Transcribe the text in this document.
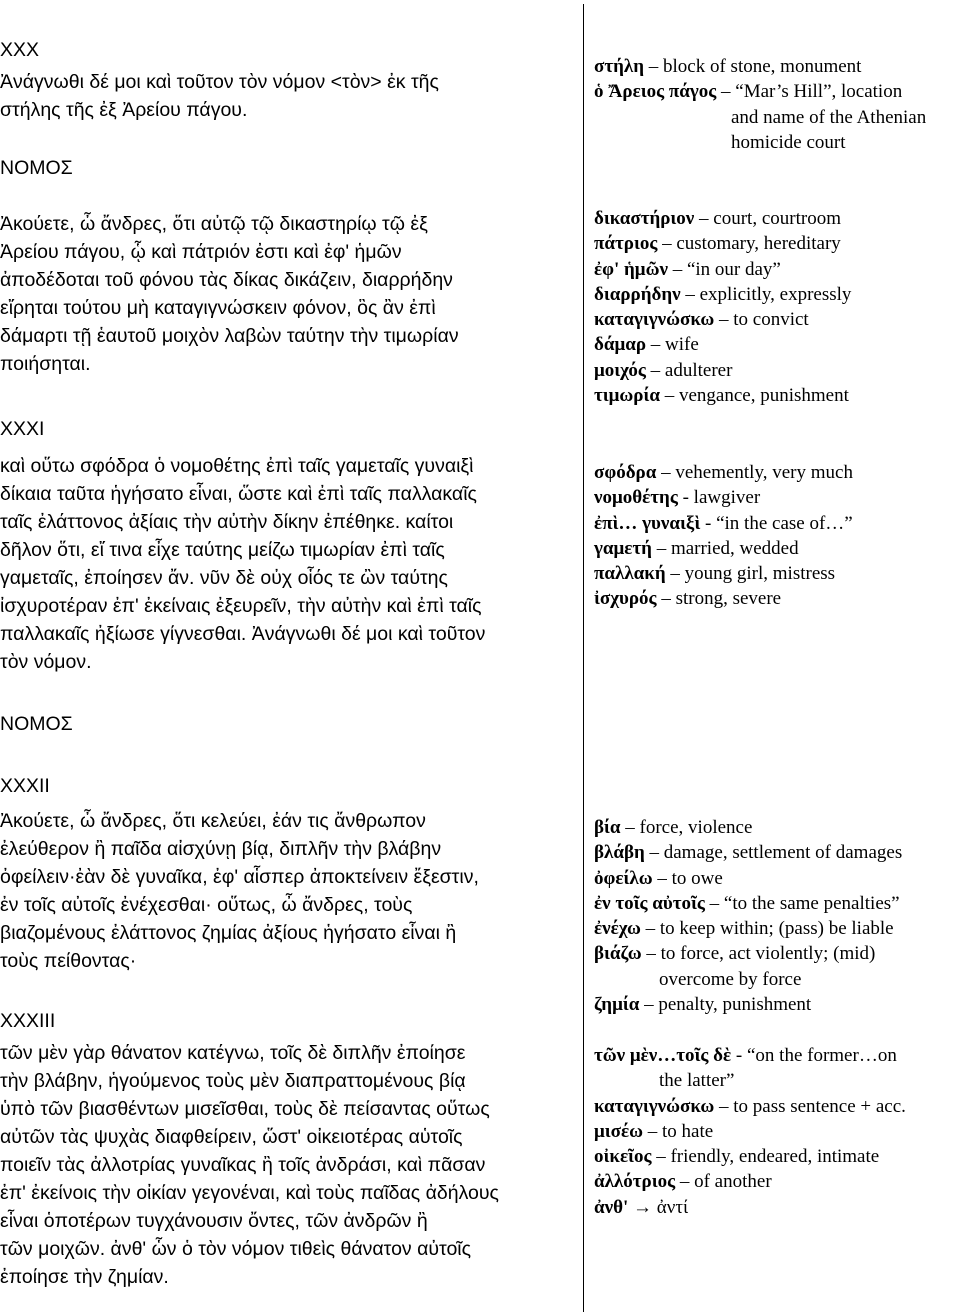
XXX
Ἀνάγνωθι δέ μοι καὶ τοῦτον τὸν νόμον <τὸν> ἐκ τῆς
στήλης τῆς ἐξ Ἀρείου πάγου.
ΝΟΜΟΣ
Ἀκούετε, ὦ ἄνδρες, ὅτι αὐτῷ τῷ δικαστηρίῳ τῷ ἐξ
Ἀρείου πάγου, ᾧ καὶ πάτριόν ἐστι καὶ ἐφ' ἡμῶν
ἀποδέδοται τοῦ φόνου τὰς δίκας δικάζειν, διαρρήδην
εἴρηται τούτου μὴ καταγιγνώσκειν φόνον, ὃς ἂν ἐπὶ
δάμαρτι τῇ ἑαυτοῦ μοιχὸν λαβὼν ταύτην τὴν τιμωρίαν
ποιήσηται.
XXXI
καὶ οὕτω σφόδρα ὁ νομοθέτης ἐπὶ ταῖς γαμεταῖς γυναιξὶ
δίκαια ταῦτα ἡγήσατο εἶναι, ὥστε καὶ ἐπὶ ταῖς παλλακαῖς
ταῖς ἐλάττονος ἀξίαις τὴν αὐτὴν δίκην ἐπέθηκε. καίτοι
δῆλον ὅτι, εἴ τινα εἶχε ταύτης μείζω τιμωρίαν ἐπὶ ταῖς
γαμεταῖς, ἐποίησεν ἄν. νῦν δὲ οὐχ οἷός τε ὢν ταύτης
ἰσχυροτέραν ἐπ' ἐκείναις ἐξευρεῖν, τὴν αὐτὴν καὶ ἐπὶ ταῖς
παλλακαῖς ἠξίωσε γίγνεσθαι. Ἀνάγνωθι δέ μοι καὶ τοῦτον
τὸν νόμον.
ΝΟΜΟΣ
XXXII
Ἀκούετε, ὦ ἄνδρες, ὅτι κελεύει, ἐάν τις ἄνθρωπον
ἐλεύθερον ἢ παῖδα αἰσχύνῃ βίᾳ, διπλῆν τὴν βλάβην
ὀφείλειν·ἐὰν δὲ γυναῖκα, ἐφ' αἷσπερ ἀποκτείνειν ἔξεστιν,
ἐν τοῖς αὐτοῖς ἐνέχεσθαι· οὕτως, ὦ ἄνδρες, τοὺς
βιαζομένους ἐλάττονος ζημίας ἀξίους ἡγήσατο εἶναι ἢ
τοὺς πείθοντας·
XXXIII
τῶν μὲν γὰρ θάνατον κατέγνω, τοῖς δὲ διπλῆν ἐποίησε
τὴν βλάβην, ἡγούμενος τοὺς μὲν διαπραττομένους βίᾳ
ὑπὸ τῶν βιασθέντων μισεῖσθαι, τοὺς δὲ πείσαντας οὕτως
αὐτῶν τὰς ψυχὰς διαφθείρειν, ὥστ' οἰκειοτέρας αὑτοῖς
ποιεῖν τὰς ἀλλοτρίας γυναῖκας ἢ τοῖς ἀνδράσι, καὶ πᾶσαν
ἐπ' ἐκείνοις τὴν οἰκίαν γεγονέναι, καὶ τοὺς παῖδας ἀδήλους
εἶναι ὁποτέρων τυγχάνουσιν ὄντες, τῶν ἀνδρῶν ἢ
τῶν μοιχῶν. ἀνθ' ὧν ὁ τὸν νόμον τιθεὶς θάνατον αὐτοῖς
ἐποίησε τὴν ζημίαν.
στήλη – block of stone, monument
ὁ Ἄρειος πάγος – “Mar’s Hill”, location
and name of the Athenian
homicide court
δικαστήριον – court, courtroom
πάτριος – customary, hereditary
ἐφ' ἡμῶν – “in our day”
διαρρήδην – explicitly, expressly
καταγιγνώσκω – to convict
δάμαρ – wife
μοιχός – adulterer
τιμωρία – vengance, punishment
σφόδρα – vehemently, very much
νομοθέτης - lawgiver
ἐπὶ… γυναιξὶ - “in the case of…”
γαμετή – married, wedded
παλλακή – young girl, mistress
ἰσχυρός – strong, severe
βία – force, violence
βλάβη – damage, settlement of damages
ὀφείλω – to owe
ἐν τοῖς αὐτοῖς – “to the same penalties”
ἐνέχω – to keep within; (pass) be liable
βιάζω – to force, act violently; (mid)
overcome by force
ζημία – penalty, punishment
τῶν μὲν…τοῖς δὲ - “on the former…on
the latter”
καταγιγνώσκω – to pass sentence + acc.
μισέω – to hate
οἰκεῖος – friendly, endeared, intimate
ἀλλότριος – of another
ἀνθ' → ἀντί
